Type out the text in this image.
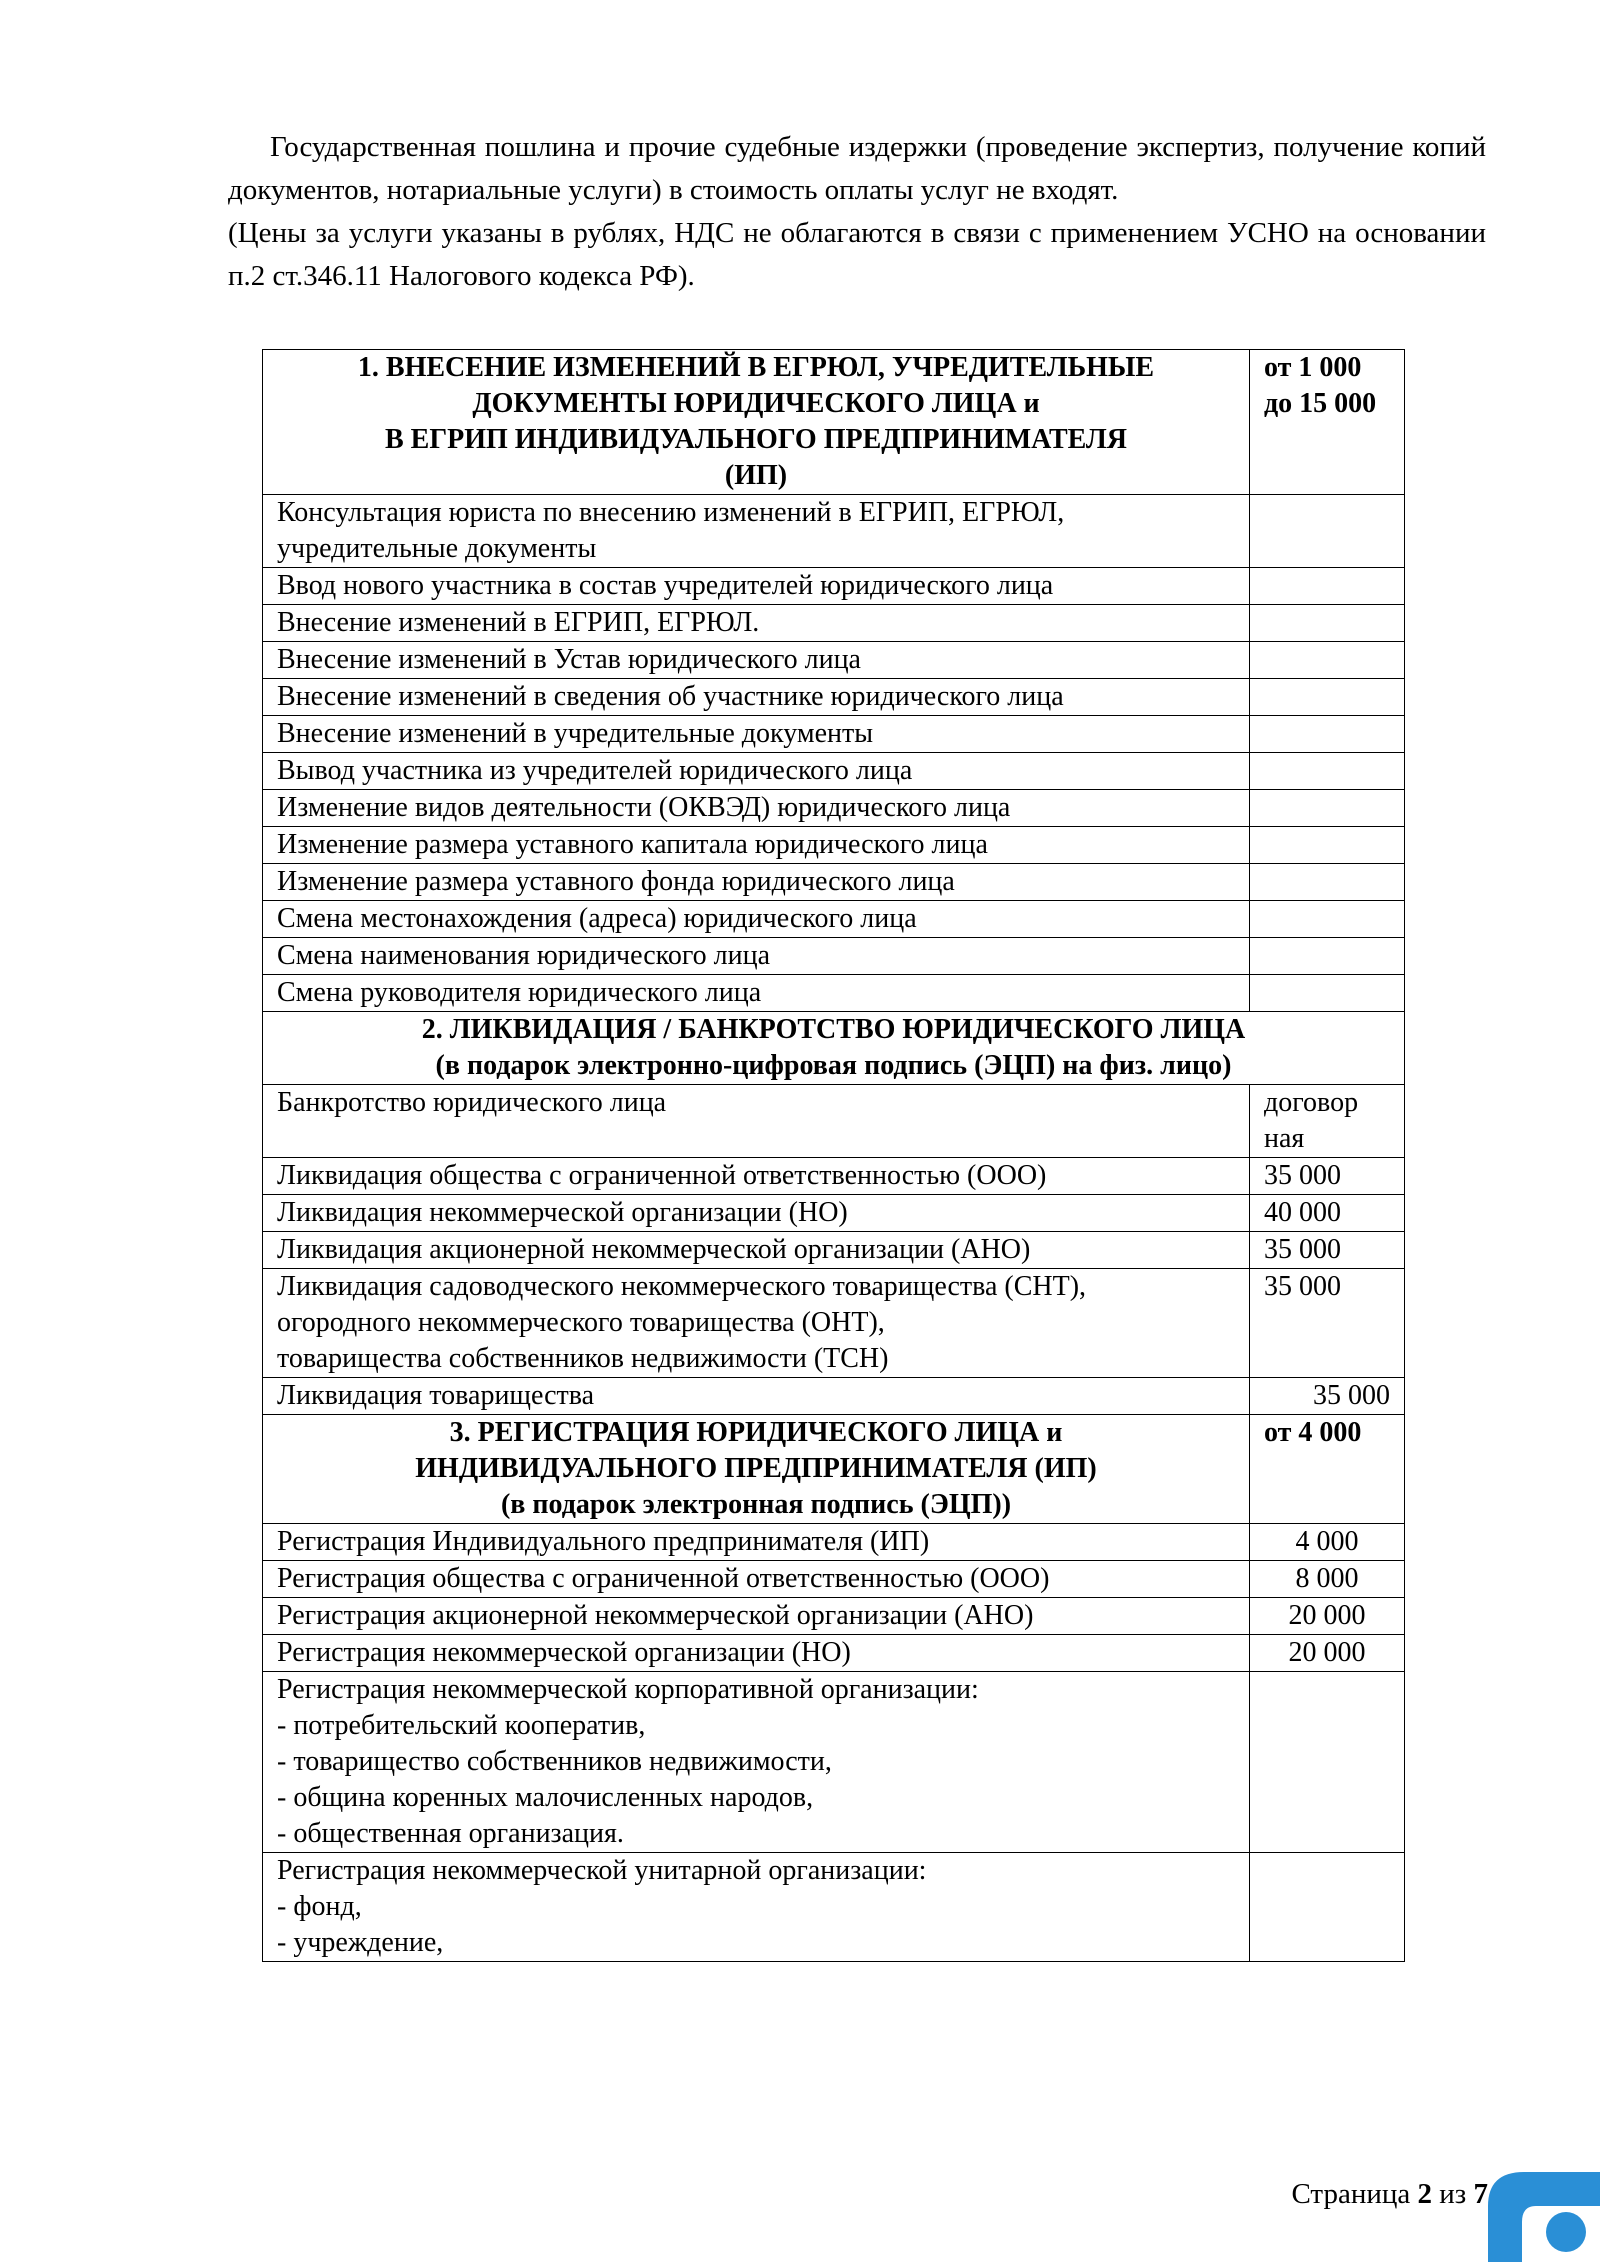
Государственная пошлина и прочие судебные издержки (проведение экспертиз, получение копий документов, нотариальные услуги) в стоимость оплаты услуг не входят.

(Цены за услуги указаны в рублях, НДС не облагаются в связи с применением УСНО на основании п.2 ст.346.11 Налогового кодекса РФ).

1. ВНЕСЕНИЕ ИЗМЕНЕНИЙ В ЕГРЮЛ, УЧРЕДИТЕЛЬНЫЕ
ДОКУМЕНТЫ ЮРИДИЧЕСКОГО ЛИЦА и
В ЕГРИП ИНДИВИДУАЛЬНОГО ПРЕДПРИНИМАТЕЛЯ
(ИП)	от 1 000
до 15 000

Консультация юриста по внесению изменений в ЕГРИП, ЕГРЮЛ,
учредительные документы	

Ввод нового участника в состав учредителей юридического лица	
Внесение изменений в ЕГРИП, ЕГРЮЛ.	
Внесение изменений в Устав юридического лица	
Внесение изменений в сведения об участнике юридического лица	
Внесение изменений в учредительные документы	
Вывод участника из учредителей юридического лица	
Изменение видов деятельности (ОКВЭД) юридического лица	
Изменение размера уставного капитала юридического лица	
Изменение размера уставного фонда юридического лица	
Смена местонахождения (адреса) юридического лица	
Смена наименования юридического лица	
Смена руководителя юридического лица	

2. ЛИКВИДАЦИЯ / БАНКРОТСТВО ЮРИДИЧЕСКОГО ЛИЦА
(в подарок электронно-цифровая подпись (ЭЦП) на физ. лицо)	

Банкротство юридического лица	договор
ная

Ликвидация общества с ограниченной ответственностью (ООО)	35 000
Ликвидация некоммерческой организации (НО)	40 000
Ликвидация акционерной некоммерческой организации (АНО)	35 000

Ликвидация садоводческого некоммерческого товарищества (СНТ),
огородного некоммерческого товарищества (ОНТ),
товарищества собственников недвижимости (ТСН)	35 000
Ликвидация товарищества	35 000

3. РЕГИСТРАЦИЯ ЮРИДИЧЕСКОГО ЛИЦА и
ИНДИВИДУАЛЬНОГО ПРЕДПРИНИМАТЕЛЯ (ИП)
(в подарок электронная подпись (ЭЦП))	от 4 000
Регистрация Индивидуального предпринимателя (ИП)	4 000
Регистрация общества с ограниченной ответственностью (ООО)	8 000
Регистрация акционерной некоммерческой организации (АНО)	20 000
Регистрация некоммерческой организации (НО)	20 000

Регистрация некоммерческой корпоративной организации:
- потребительский кооператив,
- товарищество собственников недвижимости,
- община коренных малочисленных народов,
- общественная организация.	

Регистрация некоммерческой унитарной организации:
- фонд,
- учреждение,	

Страница 2 из 7
